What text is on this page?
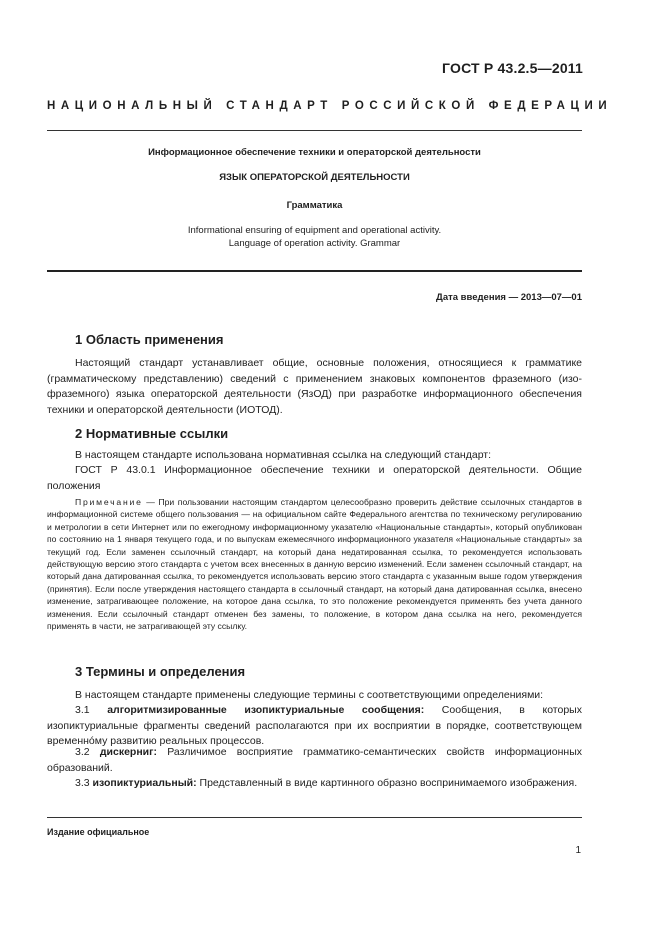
ГОСТ Р 43.2.5—2011
НАЦИОНАЛЬНЫЙ СТАНДАРТ РОССИЙСКОЙ ФЕДЕРАЦИИ
Информационное обеспечение техники и операторской деятельности
ЯЗЫК ОПЕРАТОРСКОЙ ДЕЯТЕЛЬНОСТИ
Грамматика
Informational ensuring of equipment and operational activity.
Language of operation activity. Grammar
Дата введения — 2013—07—01
1 Область применения
Настоящий стандарт устанавливает общие, основные положения, относящиеся к грамматике (грамматическому представлению) сведений с применением знаковых компонентов фраземного (изо-фраземного) языка операторской деятельности (ЯзОД) при разработке информационного обеспечения техники и операторской деятельности (ИОТОД).
2 Нормативные ссылки
В настоящем стандарте использована нормативная ссылка на следующий стандарт:
ГОСТ Р 43.0.1 Информационное обеспечение техники и операторской деятельности. Общие положения
Примечание — При пользовании настоящим стандартом целесообразно проверить действие ссылочных стандартов в информационной системе общего пользования — на официальном сайте Федерального агентства по техническому регулированию и метрологии в сети Интернет или по ежегодному информационному указателю «Национальные стандарты», который опубликован по состоянию на 1 января текущего года, и по выпускам ежемесячного информационного указателя «Национальные стандарты» за текущий год. Если заменен ссылочный стандарт, на который дана недатированная ссылка, то рекомендуется использовать действующую версию этого стандарта с учетом всех внесенных в данную версию изменений. Если заменен ссылочный стандарт, на который дана датированная ссылка, то рекомендуется использовать версию этого стандарта с указанным выше годом утверждения (принятия). Если после утверждения настоящего стандарта в ссылочный стандарт, на который дана датированная ссылка, внесено изменение, затрагивающее положение, на которое дана ссылка, то это положение рекомендуется применять без учета данного изменения. Если ссылочный стандарт отменен без замены, то положение, в котором дана ссылка на него, рекомендуется применять в части, не затрагивающей эту ссылку.
3 Термины и определения
В настоящем стандарте применены следующие термины с соответствующими определениями:
3.1 алгоритмизированные изопиктуриальные сообщения: Сообщения, в которых изопиктуриальные фрагменты сведений располагаются при их восприятии в порядке, соответствующем временнóму развитию реальных процессов.
3.2 дискерниг: Различимое восприятие грамматико-семантических свойств информационных образований.
3.3 изопиктуриальный: Представленный в виде картинного образно воспринимаемого изображения.
Издание официальное
1
